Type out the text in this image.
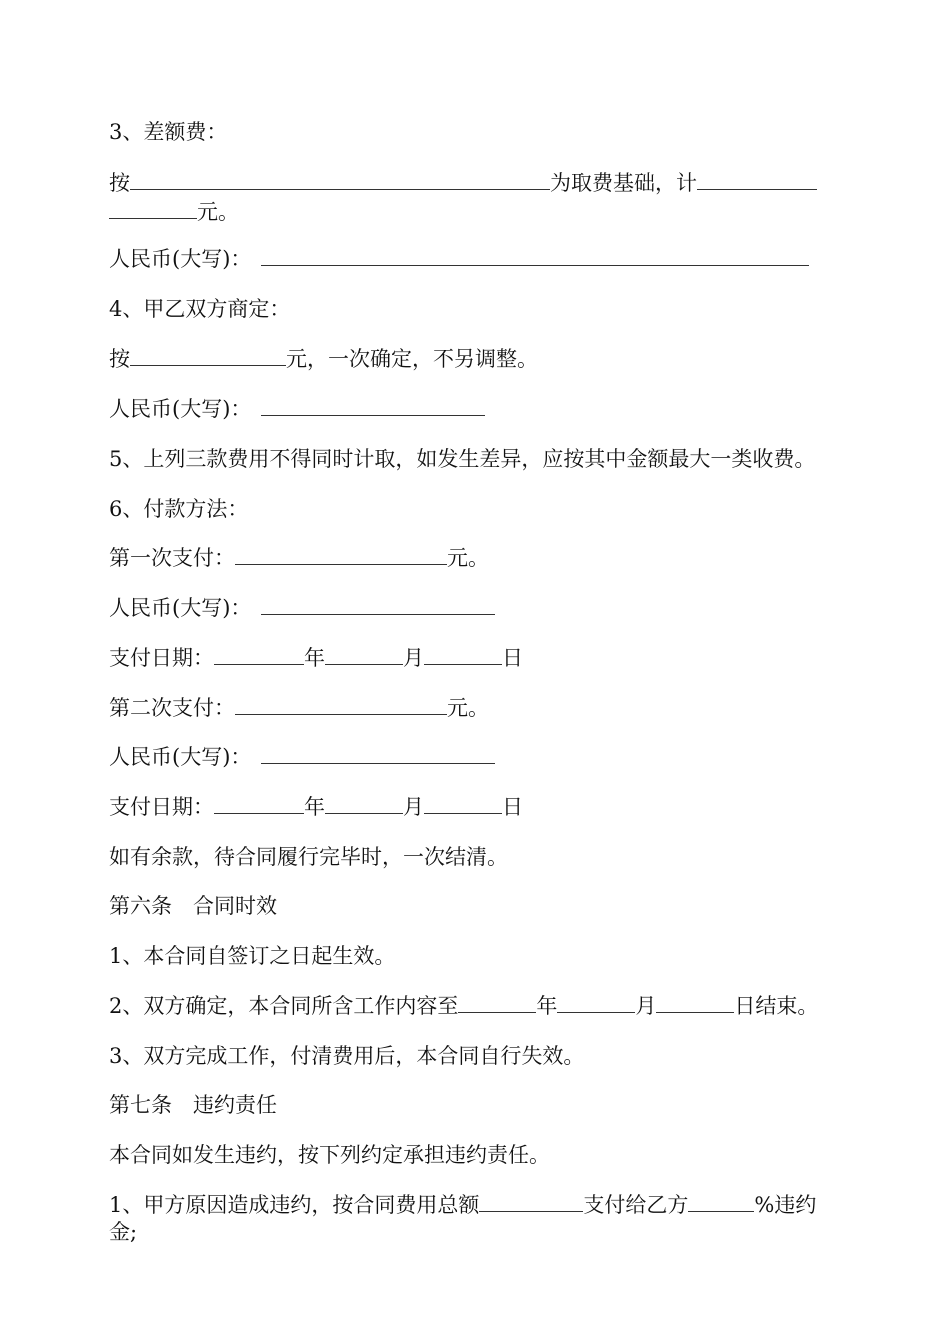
3、差额费：
按	为取费基础，计
元。
人民币(大写)：
4、甲乙双方商定：
按	元，一次确定，不另调整。
人民币(大写)：
5、上列三款费用不得同时计取，如发生差异，应按其中金额最大一类收费。
6、付款方法：
第一次支付：	元。
人民币(大写)：
支付日期：	年	月	日
第二次支付：	元。
人民币(大写)：
支付日期：	年	月	日
如有余款，待合同履行完毕时，一次结清。
第六条　合同时效
1、本合同自签订之日起生效。
2、双方确定，本合同所含工作内容至	年	月	日结束。
3、双方完成工作，付清费用后，本合同自行失效。
第七条　违约责任
本合同如发生违约，按下列约定承担违约责任。
1、甲方原因造成违约，按合同费用总额	支付给乙方	%违约
金;
